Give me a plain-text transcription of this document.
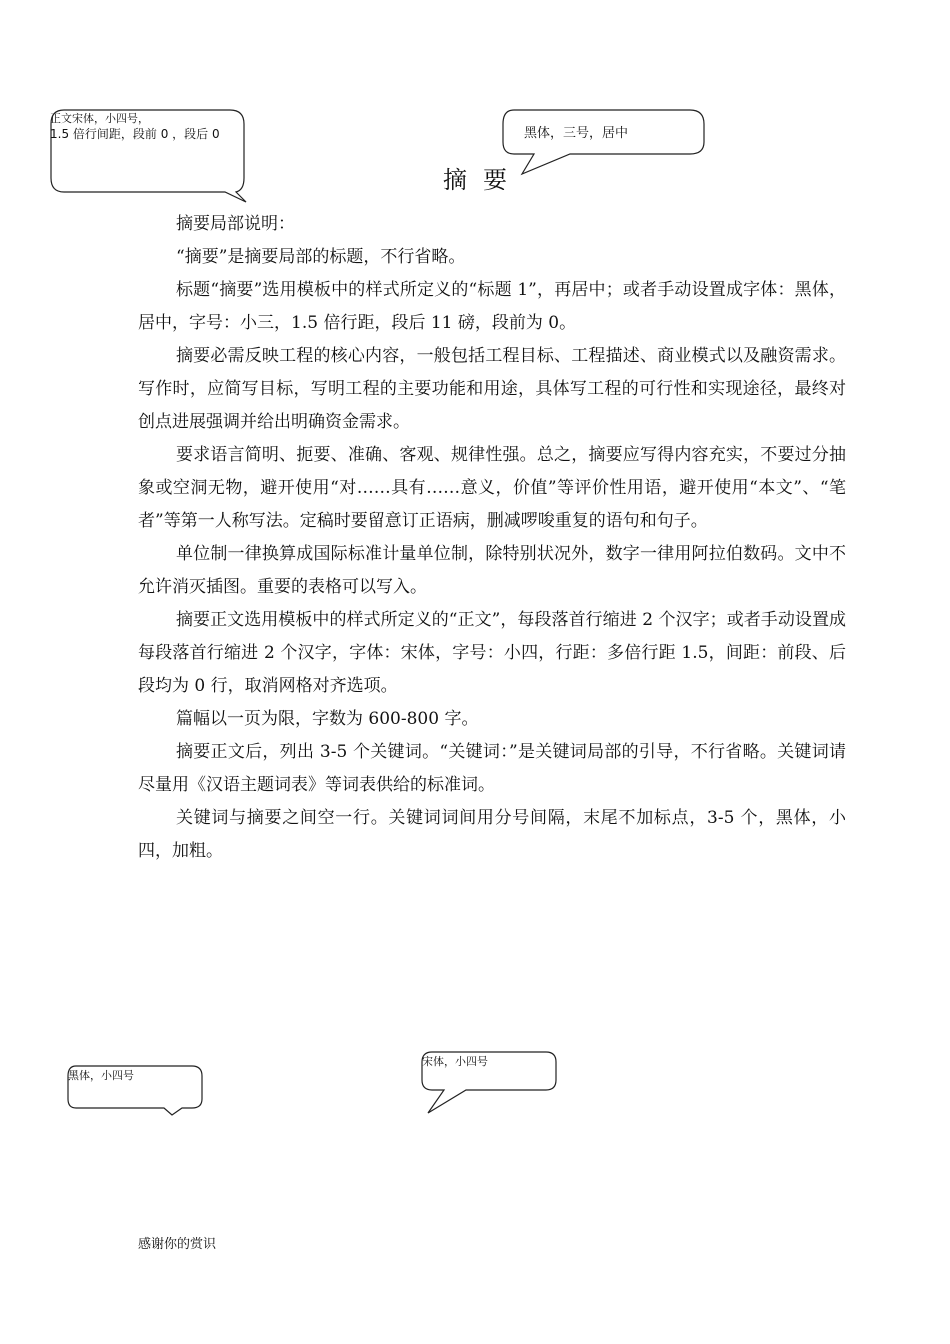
正文宋体，小四号，
1.5 倍行间距，段前 0 ，段后 0	黑体，三号，居中
摘要

摘要局部说明：

“摘要”是摘要局部的标题，不行省略。

标题“摘要”选用模板中的样式所定义的“标题 1”，再居中；或者手动设置成字体：黑体，居中，字号：小三，1.5 倍行距，段后 11 磅，段前为 0。

摘要必需反映工程的核心内容，一般包括工程目标、工程描述、商业模式以及融资需求。写作时，应简写目标，写明工程的主要功能和用途，具体写工程的可行性和实现途径，最终对创点进展强调并给出明确资金需求。

要求语言简明、扼要、准确、客观、规律性强。总之，摘要应写得内容充实，不要过分抽象或空洞无物，避开使用“对……具有……意义，价值”等评价性用语，避开使用“本文”、“笔者”等第一人称写法。定稿时要留意订正语病，删减啰唆重复的语句和句子。

单位制一律换算成国际标准计量单位制，除特别状况外，数字一律用阿拉伯数码。文中不允许消灭插图。重要的表格可以写入。

摘要正文选用模板中的样式所定义的“正文”，每段落首行缩进 2 个汉字；或者手动设置成每段落首行缩进 2 个汉字，字体：宋体，字号：小四，行距：多倍行距 1.5，间距：前段、后段均为 0 行，取消网格对齐选项。

篇幅以一页为限，字数为 600-800 字。

摘要正文后，列出 3-5 个关键词。“关键词：”是关键词局部的引导，不行省略。关键词请尽量用《汉语主题词表》等词表供给的标准词。

关键词与摘要之间空一行。关键词词间用分号间隔，末尾不加标点，3-5 个，黑体，小四，加粗。

黑体，小四号
宋体，小四号
感谢你的赏识
